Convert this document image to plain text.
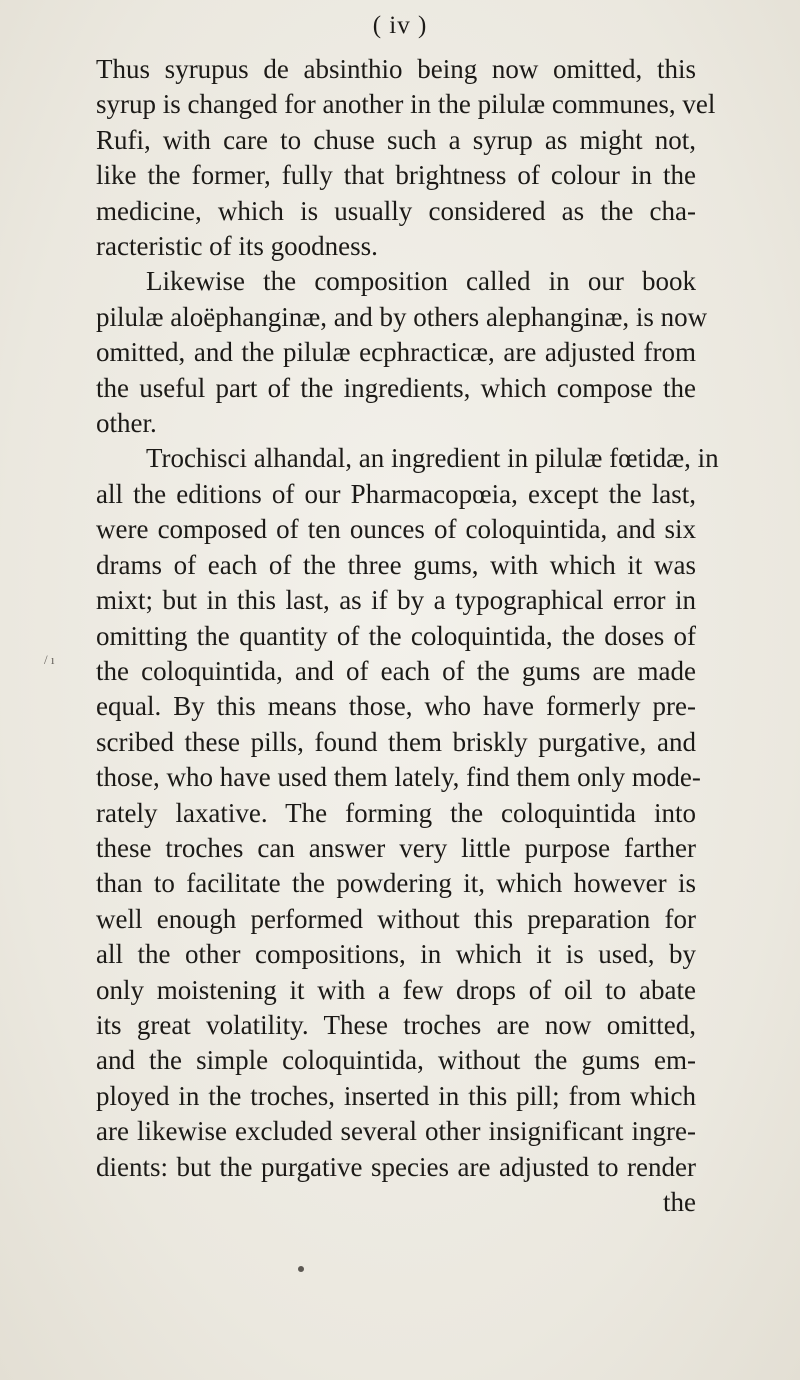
( iv )
/ ı
Thus syrupus de absinthio being now omitted, this
syrup is changed for another in the pilulæ communes, vel
Rufi, with care to chuse such a syrup as might not,
like the former, fully that brightness of colour in the
medicine, which is usually considered as the cha-
racteristic of its goodness.
Likewise the composition called in our book
pilulæ aloëphanginæ, and by others alephanginæ, is now
omitted, and the pilulæ ecphracticæ, are adjusted from
the useful part of the ingredients, which compose the
other.
Trochisci alhandal, an ingredient in pilulæ fœtidæ, in
all the editions of our Pharmacopœia, except the last,
were composed of ten ounces of coloquintida, and six
drams of each of the three gums, with which it was
mixt; but in this last, as if by a typographical error in
omitting the quantity of the coloquintida, the doses of
the coloquintida, and of each of the gums are made
equal. By this means those, who have formerly pre-
scribed these pills, found them briskly purgative, and
those, who have used them lately, find them only mode-
rately laxative. The forming the coloquintida into
these troches can answer very little purpose farther
than to facilitate the powdering it, which however is
well enough performed without this preparation for
all the other compositions, in which it is used, by
only moistening it with a few drops of oil to abate
its great volatility. These troches are now omitted,
and the simple coloquintida, without the gums em-
ployed in the troches, inserted in this pill; from which
are likewise excluded several other insignificant ingre-
dients: but the purgative species are adjusted to render
the
